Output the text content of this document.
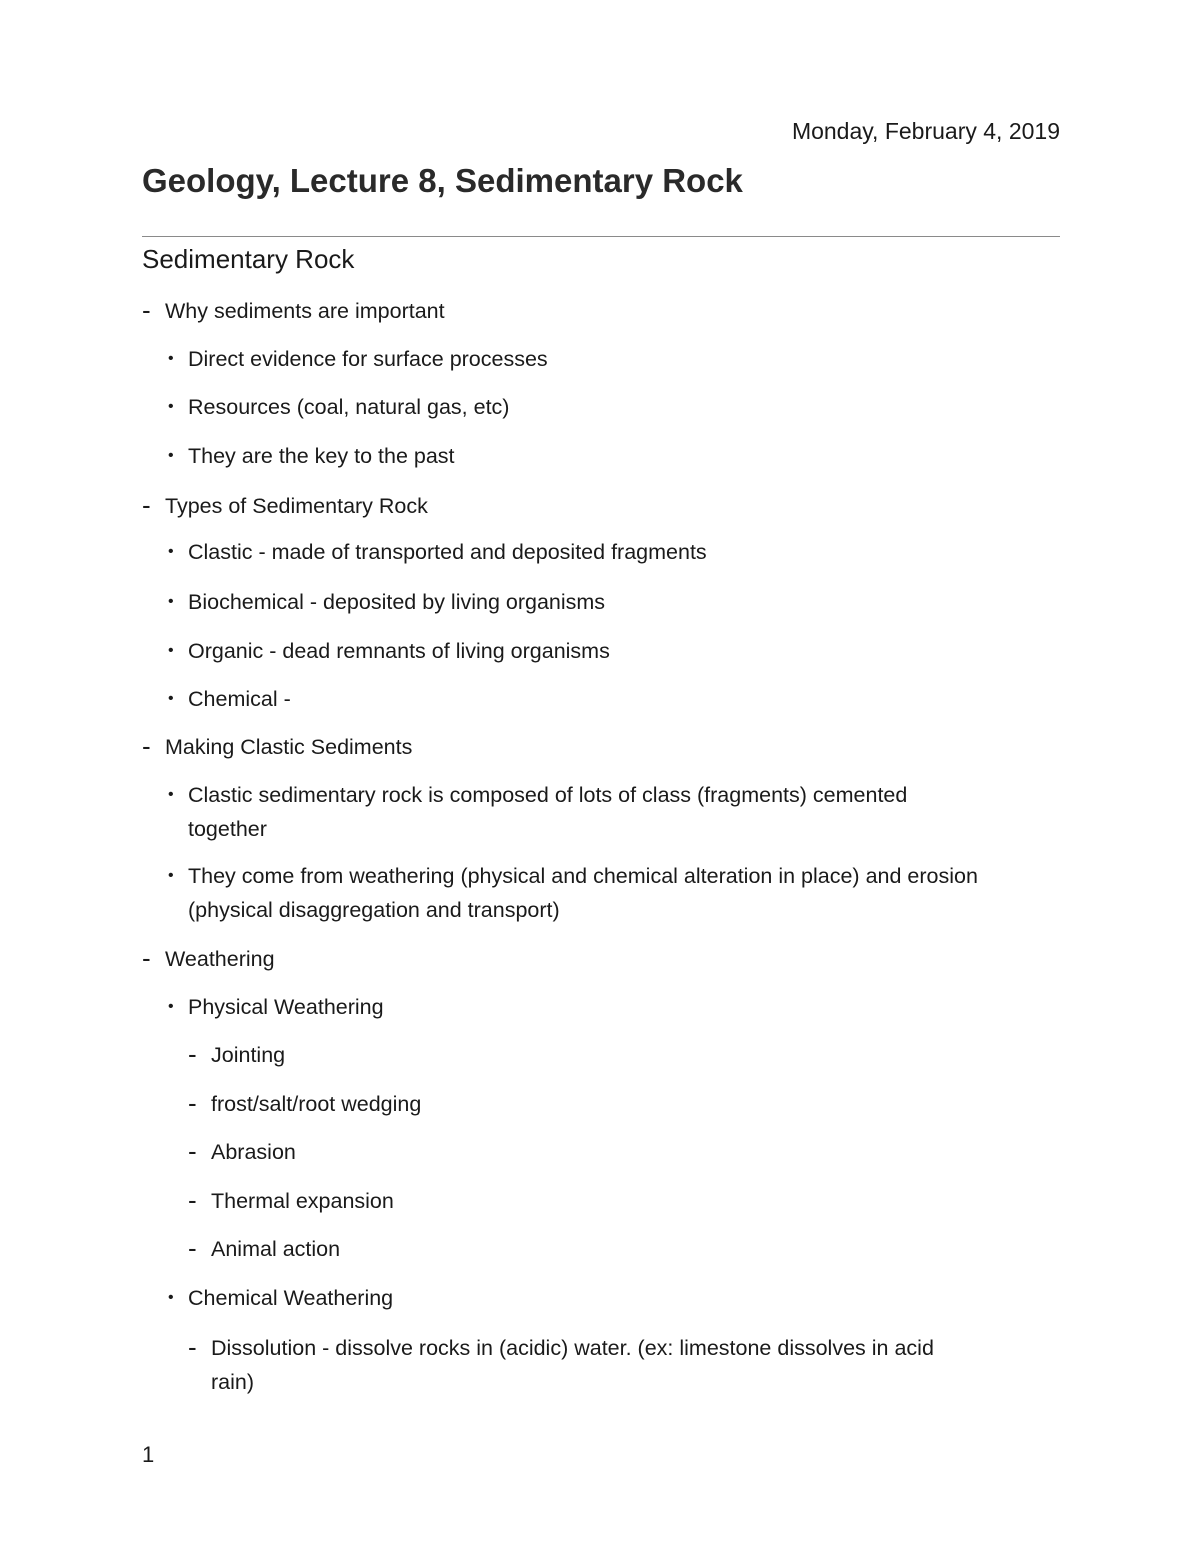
Monday, February 4, 2019
Geology, Lecture 8, Sedimentary Rock
Sedimentary Rock
- Why sediments are important
• Direct evidence for surface processes
• Resources (coal, natural gas, etc)
• They are the key to the past
- Types of Sedimentary Rock
• Clastic - made of transported and deposited fragments
• Biochemical - deposited by living organisms
• Organic - dead remnants of living organisms
• Chemical -
- Making Clastic Sediments
• Clastic sedimentary rock is composed of lots of class (fragments) cemented
together
• They come from weathering (physical and chemical alteration in place) and erosion
(physical disaggregation and transport)
- Weathering
• Physical Weathering
- Jointing
- frost/salt/root wedging
- Abrasion
- Thermal expansion
- Animal action
• Chemical Weathering
- Dissolution - dissolve rocks in (acidic) water. (ex: limestone dissolves in acid
rain)
1
